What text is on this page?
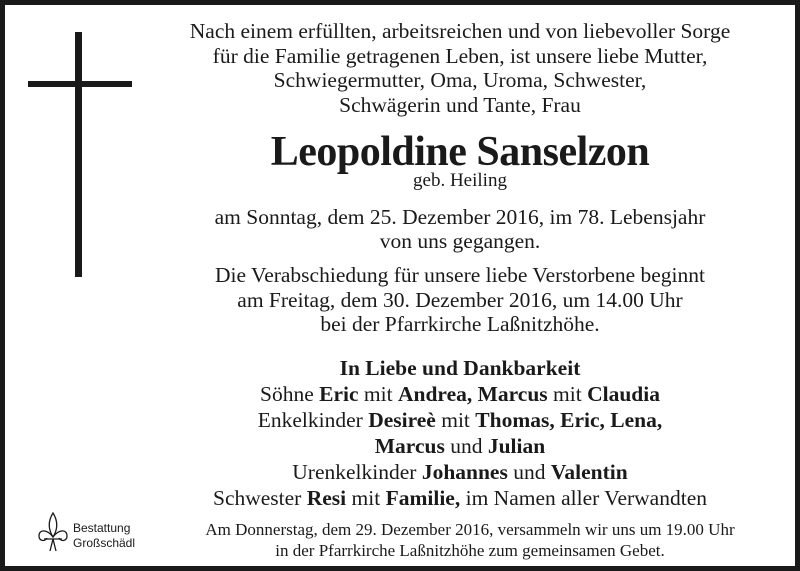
Nach einem erfüllten, arbeitsreichen und von liebevoller Sorge
für die Familie getragenen Leben, ist unsere liebe Mutter,
Schwiegermutter, Oma, Uroma, Schwester,
Schwägerin und Tante, Frau
Leopoldine Sanselzon
geb. Heiling
am Sonntag, dem 25. Dezember 2016, im 78. Lebensjahr
von uns gegangen.
Die Verabschiedung für unsere liebe Verstorbene beginnt
am Freitag, dem 30. Dezember 2016, um 14.00 Uhr
bei der Pfarrkirche Laßnitzhöhe.
In Liebe und Dankbarkeit
Söhne Eric mit Andrea, Marcus mit Claudia
Enkelkinder Desireè mit Thomas, Eric, Lena,
Marcus und Julian
Urenkelkinder Johannes und Valentin
Schwester Resi mit Familie, im Namen aller Verwandten
Am Donnerstag, dem 29. Dezember 2016, versammeln wir uns um 19.00 Uhr
in der Pfarrkirche Laßnitzhöhe zum gemeinsamen Gebet.
Bestattung
Großschädl
